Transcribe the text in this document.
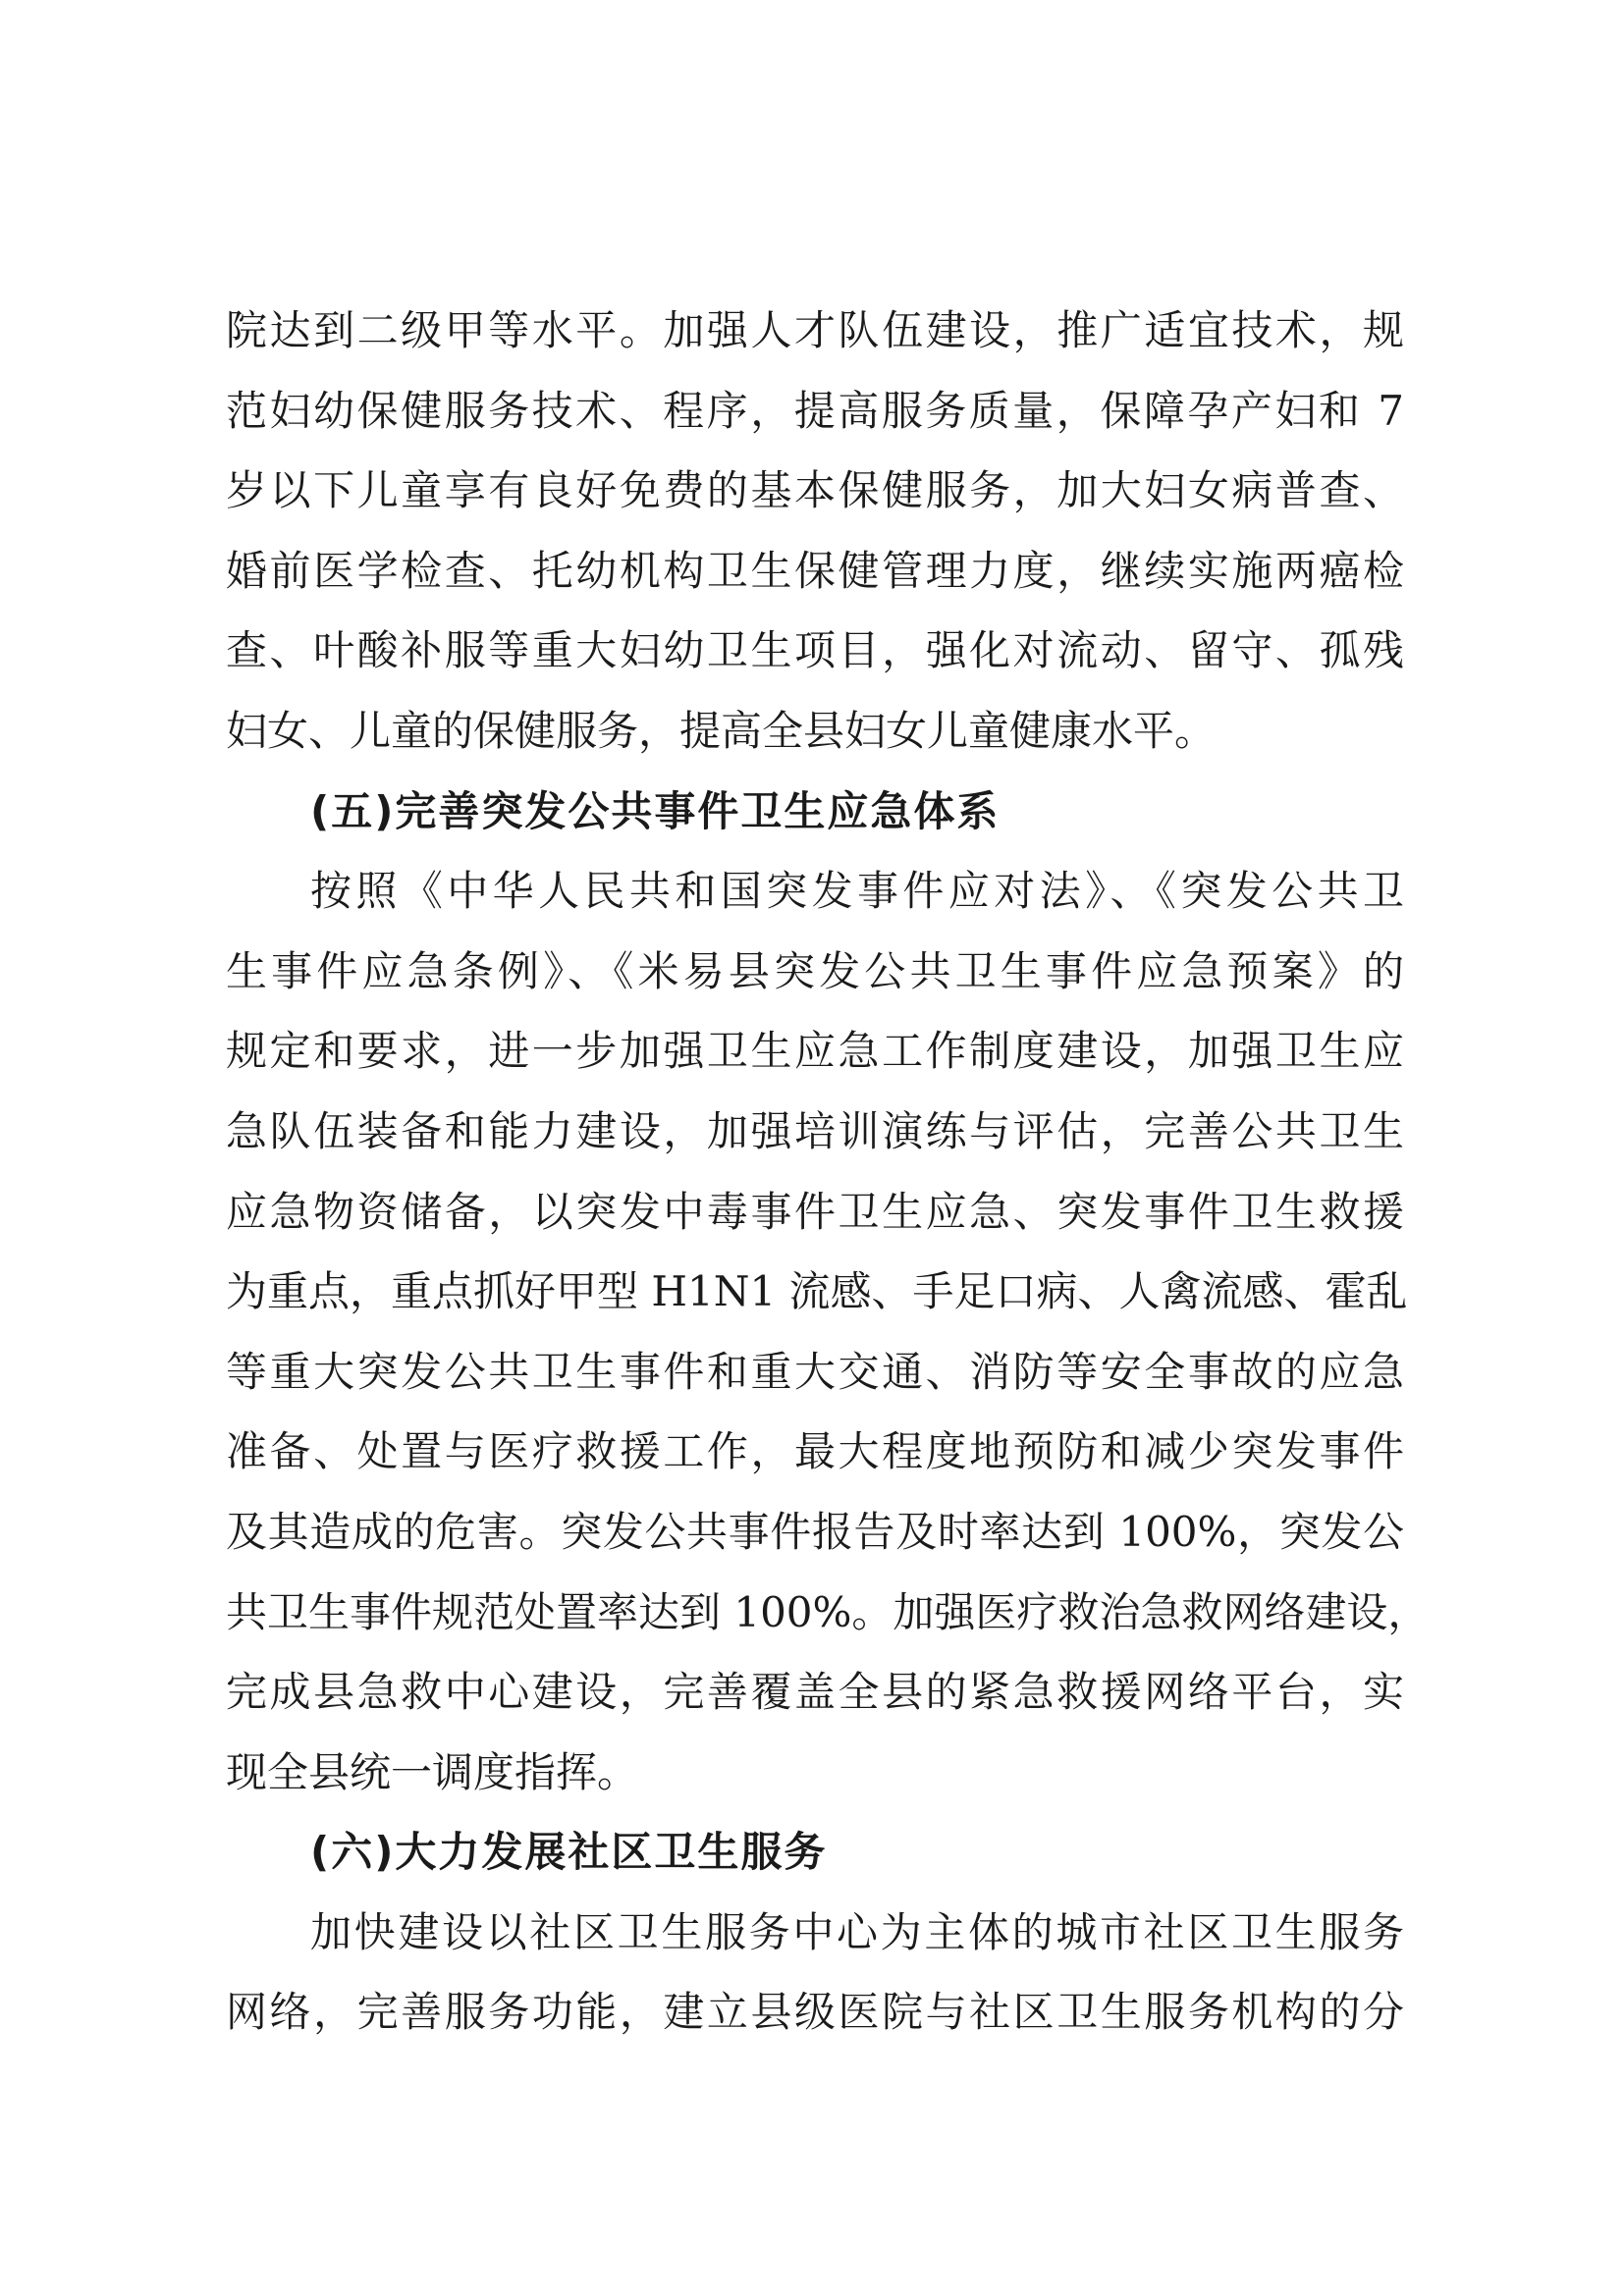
院达到二级甲等水平。加强人才队伍建设，推广适宜技术，规
范妇幼保健服务技术、程序，提高服务质量，保障孕产妇和 7
岁以下儿童享有良好免费的基本保健服务，加大妇女病普查、
婚前医学检查、托幼机构卫生保健管理力度，继续实施两癌检
查、叶酸补服等重大妇幼卫生项目，强化对流动、留守、孤残
妇女、儿童的保健服务，提高全县妇女儿童健康水平。
(五)完善突发公共事件卫生应急体系
按照《中华人民共和国突发事件应对法》、《突发公共卫
生事件应急条例》、《米易县突发公共卫生事件应急预案》的
规定和要求，进一步加强卫生应急工作制度建设，加强卫生应
急队伍装备和能力建设，加强培训演练与评估，完善公共卫生
应急物资储备，以突发中毒事件卫生应急、突发事件卫生救援
为重点，重点抓好甲型 H1N1 流感、手足口病、人禽流感、霍乱
等重大突发公共卫生事件和重大交通、消防等安全事故的应急
准备、处置与医疗救援工作，最大程度地预防和减少突发事件
及其造成的危害。突发公共事件报告及时率达到 100%，突发公
共卫生事件规范处置率达到 100%。加强医疗救治急救网络建设，
完成县急救中心建设，完善覆盖全县的紧急救援网络平台，实
现全县统一调度指挥。
(六)大力发展社区卫生服务
加快建设以社区卫生服务中心为主体的城市社区卫生服务
网络，完善服务功能，建立县级医院与社区卫生服务机构的分
